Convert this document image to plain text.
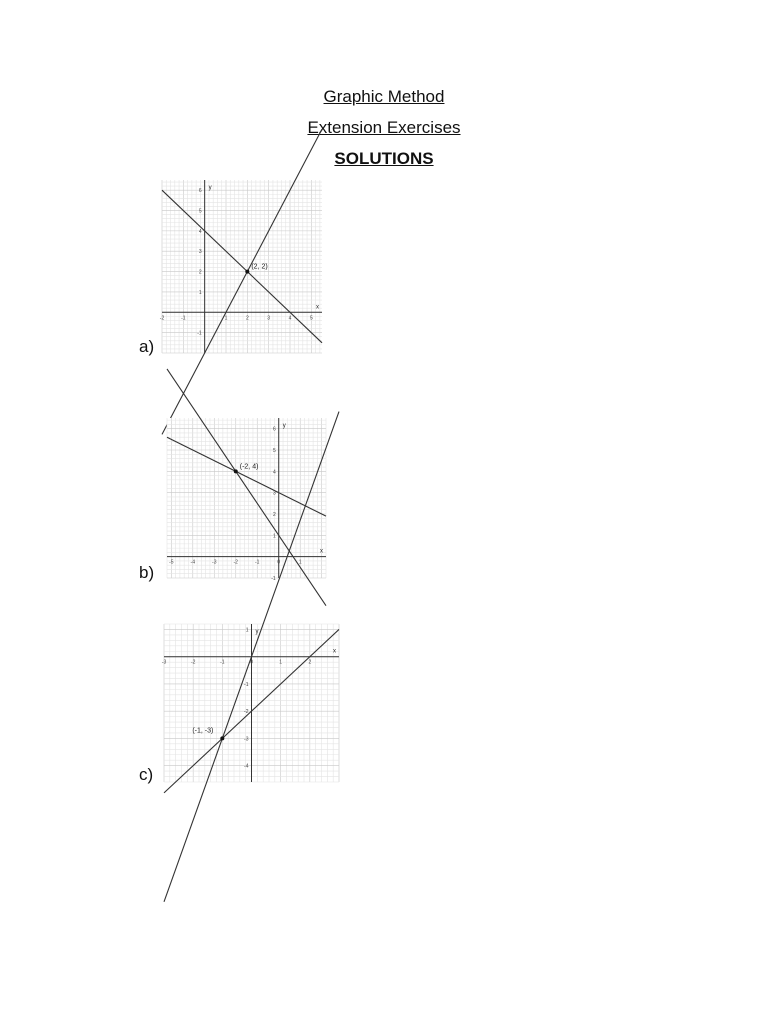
Graphic Method
Extension Exercises
SOLUTIONS
x
y
-2	-1	1	2	3	4	5
-1
1
2
3
4
5
6
(2, 2)
a)
x
y
-5	-4	-3	-2	-1	0	1
-1
1
2
3
4
5
6
(-2, 4)
b)
x
y
-3	-2	-1	0	1	2
1
-1
-2
-3
-4
(-1, -3)
c)
